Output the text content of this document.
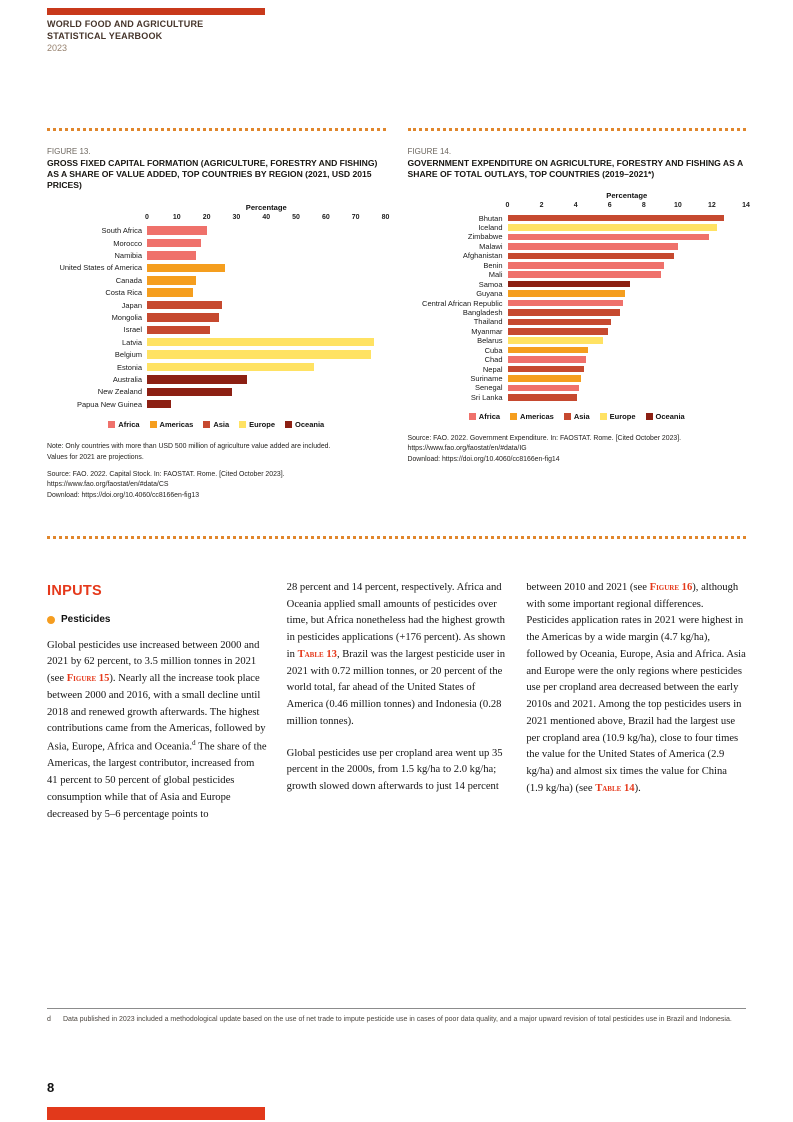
WORLD FOOD AND AGRICULTURE
STATISTICAL YEARBOOK
2023
FIGURE 13.
GROSS FIXED CAPITAL FORMATION (AGRICULTURE, FORESTRY AND FISHING) AS A SHARE OF VALUE ADDED, TOP COUNTRIES BY REGION (2021, USD 2015 PRICES)
Percentage
0	10	20	30	40	50	60	70	80
South Africa
Morocco
Namibia
United States of America
Canada
Costa Rica
Japan
Mongolia
Israel
Latvia
Belgium
Estonia
Australia
New Zealand
Papua New Guinea
Africa	Americas	Asia	Europe	Oceania
Note: Only countries with more than USD 500 million of agriculture value added are included.
Values for 2021 are projections.
Source: FAO. 2022. Capital Stock. In: FAOSTAT. Rome. [Cited October 2023].
https://www.fao.org/faostat/en/#data/CS
Download: https://doi.org/10.4060/cc8166en-fig13
FIGURE 14.
GOVERNMENT EXPENDITURE ON AGRICULTURE, FORESTRY AND FISHING AS A SHARE OF TOTAL OUTLAYS, TOP COUNTRIES (2019–2021*)
Percentage
0	2	4	6	8	10	12	14
Bhutan
Iceland
Zimbabwe
Malawi
Afghanistan
Benin
Mali
Samoa
Guyana
Central African Republic
Bangladesh
Thailand
Myanmar
Belarus
Cuba
Chad
Nepal
Suriname
Senegal
Sri Lanka
Africa	Americas	Asia	Europe	Oceania
Source: FAO. 2022. Government Expenditure. In: FAOSTAT. Rome. [Cited October 2023].
https://www.fao.org/faostat/en/#data/IG
Download: https://doi.org/10.4060/cc8166en-fig14
INPUTS
Pesticides

Global pesticides use increased between 2000 and 2021 by 62 percent, to 3.5 million tonnes in 2021 (see Figure 15). Nearly all the increase took place between 2000 and 2016, with a small decline until 2018 and renewed growth afterwards. The highest contributions came from the Americas, followed by Asia, Europe, Africa and Oceania.$^d$ The share of the Americas, the largest contributor, increased from 41 percent to 50 percent of global pesticides consumption while that of Asia and Europe decreased by 5–6 percentage points to

28 percent and 14 percent, respectively. Africa and Oceania applied small amounts of pesticides over time, but Africa nonetheless had the highest growth in pesticides applications (+176 percent). As shown in Table 13, Brazil was the largest pesticide user in 2021 with 0.72 million tonnes, or 20 percent of the world total, far ahead of the United States of America (0.46 million tonnes) and Indonesia (0.28 million tonnes).

Global pesticides use per cropland area went up 35 percent in the 2000s, from 1.5 kg/ha to 2.0 kg/ha; growth slowed down afterwards to just 14 percent

between 2010 and 2021 (see Figure 16), although with some important regional differences. Pesticides application rates in 2021 were highest in the Americas by a wide margin (4.7 kg/ha), followed by Oceania, Europe, Asia and Africa. Asia and Europe were the only regions where pesticides use per cropland area decreased between the early 2010s and 2021. Among the top pesticides users in 2021 mentioned above, Brazil had the largest use per cropland area (10.9 kg/ha), close to four times the value for the United States of America (2.9 kg/ha) and almost six times the value for China (1.9 kg/ha) (see Table 14).

d	Data published in 2023 included a methodological update based on the use of net trade to impute pesticide use in cases of poor data quality, and a major upward revision of total pesticides use in Brazil and Indonesia.
8
